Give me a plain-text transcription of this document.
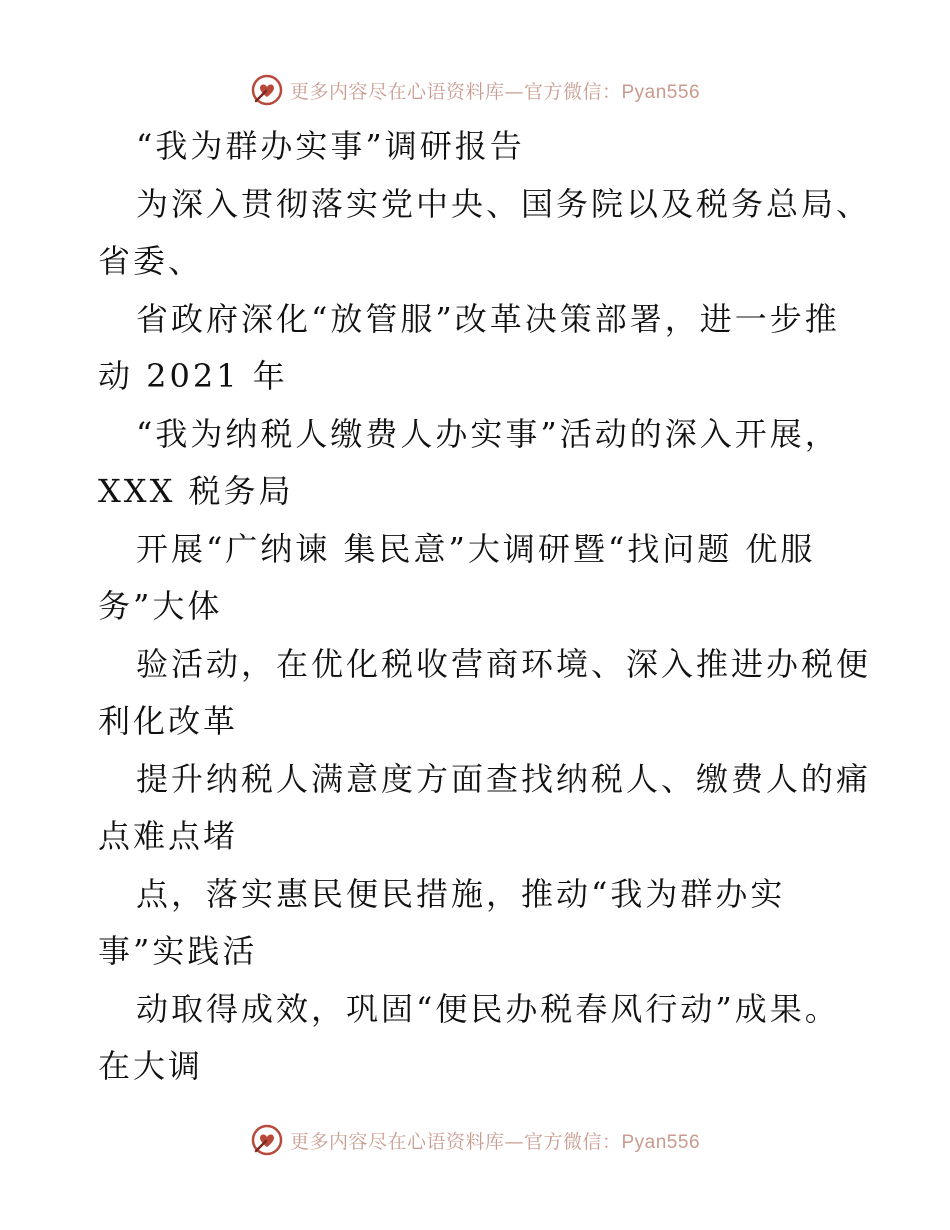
更多内容尽在心语资料库—官方微信：Pyan556
“我为群办实事”调研报告
为深入贯彻落实党中央、国务院以及税务总局、
省委、
省政府深化“放管服”改革决策部署，进一步推
动 2021 年
“我为纳税人缴费人办实事”活动的深入开展，
XXX 税务局
开展“广纳谏 集民意”大调研暨“找问题 优服
务”大体
验活动，在优化税收营商环境、深入推进办税便
利化改革
提升纳税人满意度方面查找纳税人、缴费人的痛
点难点堵
点，落实惠民便民措施，推动“我为群办实
事”实践活
动取得成效，巩固“便民办税春风行动”成果。
在大调
更多内容尽在心语资料库—官方微信：Pyan556
